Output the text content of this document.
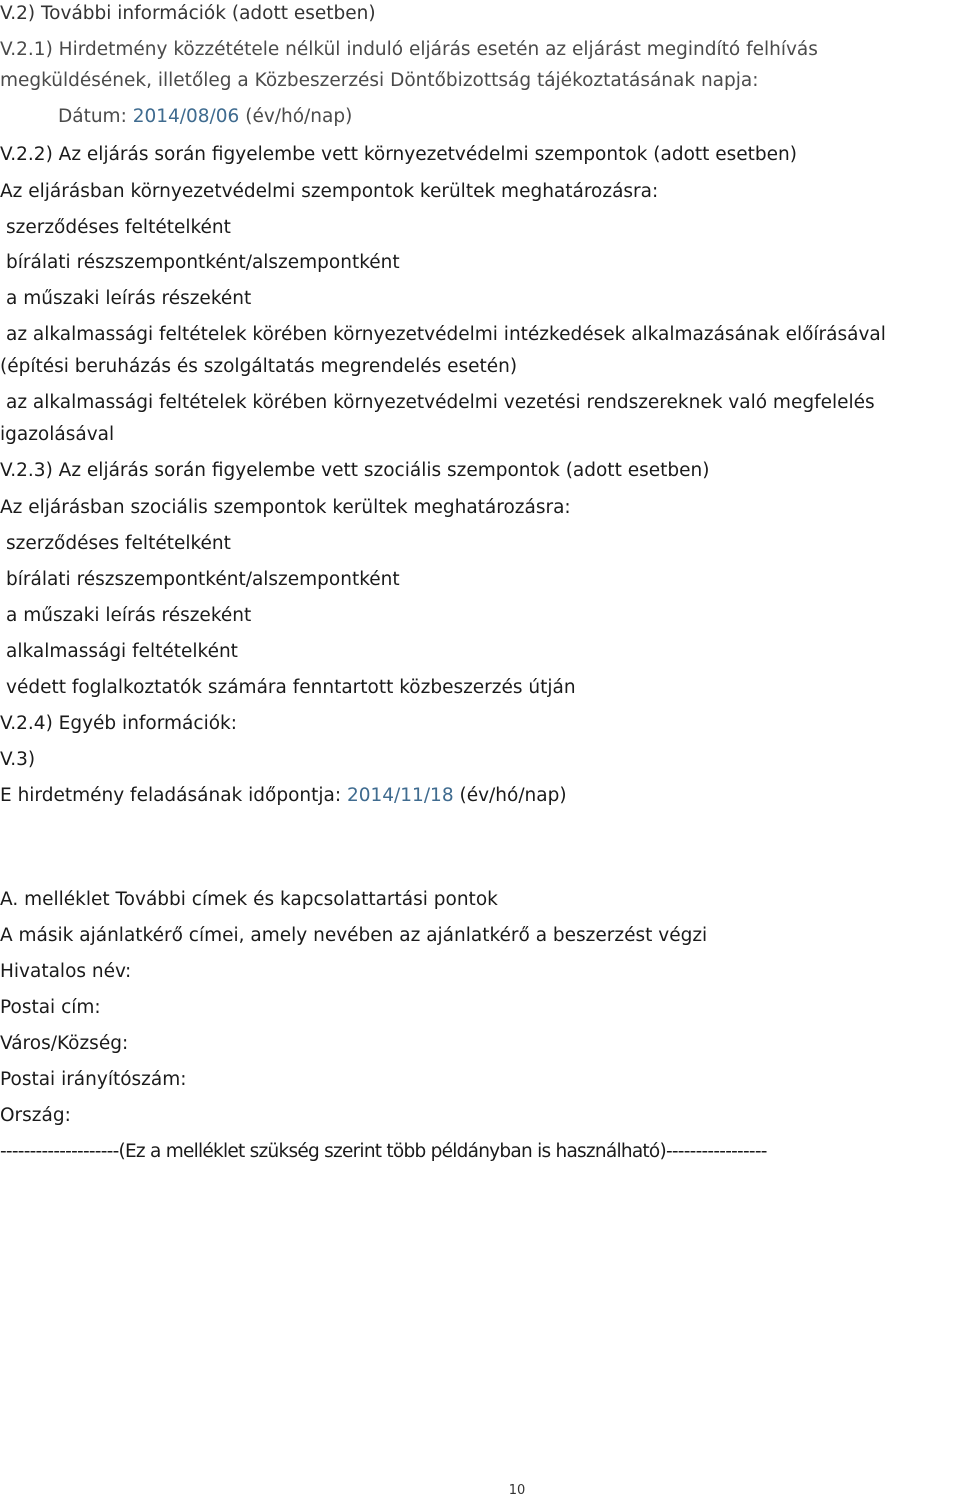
V.2) További információk (adott esetben)
V.2.1) Hirdetmény közzététele nélkül induló eljárás esetén az eljárást megindító felhívás
megküldésének, illetőleg a Közbeszerzési Döntőbizottság tájékoztatásának napja:
Dátum: 2014/08/06 (év/hó/nap)
V.2.2) Az eljárás során figyelembe vett környezetvédelmi szempontok (adott esetben)
Az eljárásban környezetvédelmi szempontok kerültek meghatározásra:
szerződéses feltételként
bírálati részszempontként/alszempontként
a műszaki leírás részeként
az alkalmassági feltételek körében környezetvédelmi intézkedések alkalmazásának előírásával
(építési beruházás és szolgáltatás megrendelés esetén)
az alkalmassági feltételek körében környezetvédelmi vezetési rendszereknek való megfelelés
igazolásával
V.2.3) Az eljárás során figyelembe vett szociális szempontok (adott esetben)
Az eljárásban szociális szempontok kerültek meghatározásra:
szerződéses feltételként
bírálati részszempontként/alszempontként
a műszaki leírás részeként
alkalmassági feltételként
védett foglalkoztatók számára fenntartott közbeszerzés útján
V.2.4) Egyéb információk:
V.3)
E hirdetmény feladásának időpontja: 2014/11/18 (év/hó/nap)
A. melléklet További címek és kapcsolattartási pontok
A másik ajánlatkérő címei, amely nevében az ajánlatkérő a beszerzést végzi
Hivatalos név:
Postai cím:
Város/Község:
Postai irányítószám:
Ország:
--------------------(Ez a melléklet szükség szerint több példányban is használható)-----------------
10
